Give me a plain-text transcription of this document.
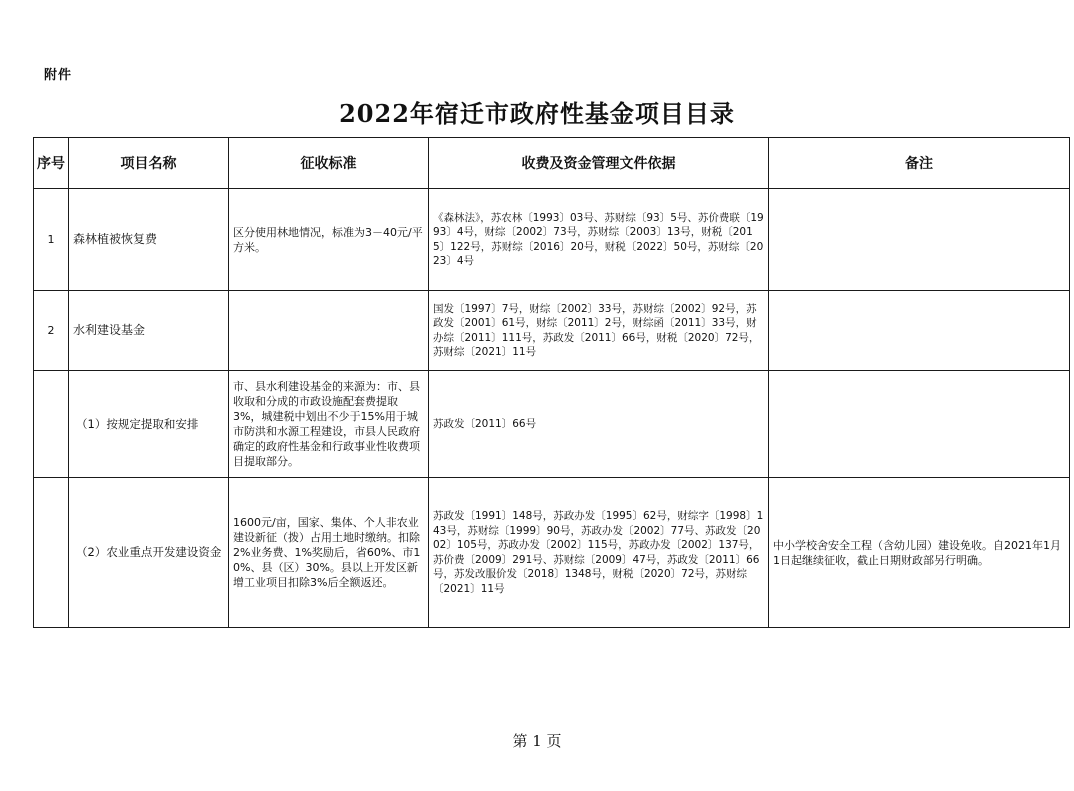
附件
2022年宿迁市政府性基金项目目录
序号	项目名称	征收标准	收费及资金管理文件依据	备注
1	森林植被恢复费	区分使用林地情况，标准为3－40元/平方米。	《森林法》，苏农林〔1993〕03号、苏财综〔93〕5号、苏价费联〔1993〕4号，财综〔2002〕73号，苏财综〔2003〕13号，财税〔2015〕122号，苏财综〔2016〕20号，财税〔2022〕50号，苏财综〔2023〕4号	
2	水利建设基金		国发〔1997〕7号，财综〔2002〕33号，苏财综〔2002〕92号，苏政发〔2001〕61号，财综〔2011〕2号，财综函〔2011〕33号，财办综〔2011〕111号，苏政发〔2011〕66号，财税〔2020〕72号，苏财综〔2021〕11号	
	（1）按规定提取和安排	市、县水利建设基金的来源为：市、县收取和分成的市政设施配套费提取3%，城建税中划出不少于15%用于城市防洪和水源工程建设，市县人民政府确定的政府性基金和行政事业性收费项目提取部分。	苏政发〔2011〕66号	
	（2）农业重点开发建设资金	1600元/亩，国家、集体、个人非农业建设新征（拨）占用土地时缴纳。扣除2%业务费、1%奖励后，省60%、市10%、县（区）30%。县以上开发区新增工业项目扣除3%后全额返还。	苏政发〔1991〕148号，苏政办发〔1995〕62号，财综字〔1998〕143号，苏财综〔1999〕90号，苏政办发〔2002〕77号、苏政发〔2002〕105号，苏政办发〔2002〕115号，苏政办发〔2002〕137号，苏价费〔2009〕291号、苏财综〔2009〕47号，苏政发〔2011〕66号，苏发改服价发〔2018〕1348号，财税〔2020〕72号，苏财综〔2021〕11号	中小学校舍安全工程（含幼儿园）建设免收。自2021年1月1日起继续征收，截止日期财政部另行明确。
第 1 页
